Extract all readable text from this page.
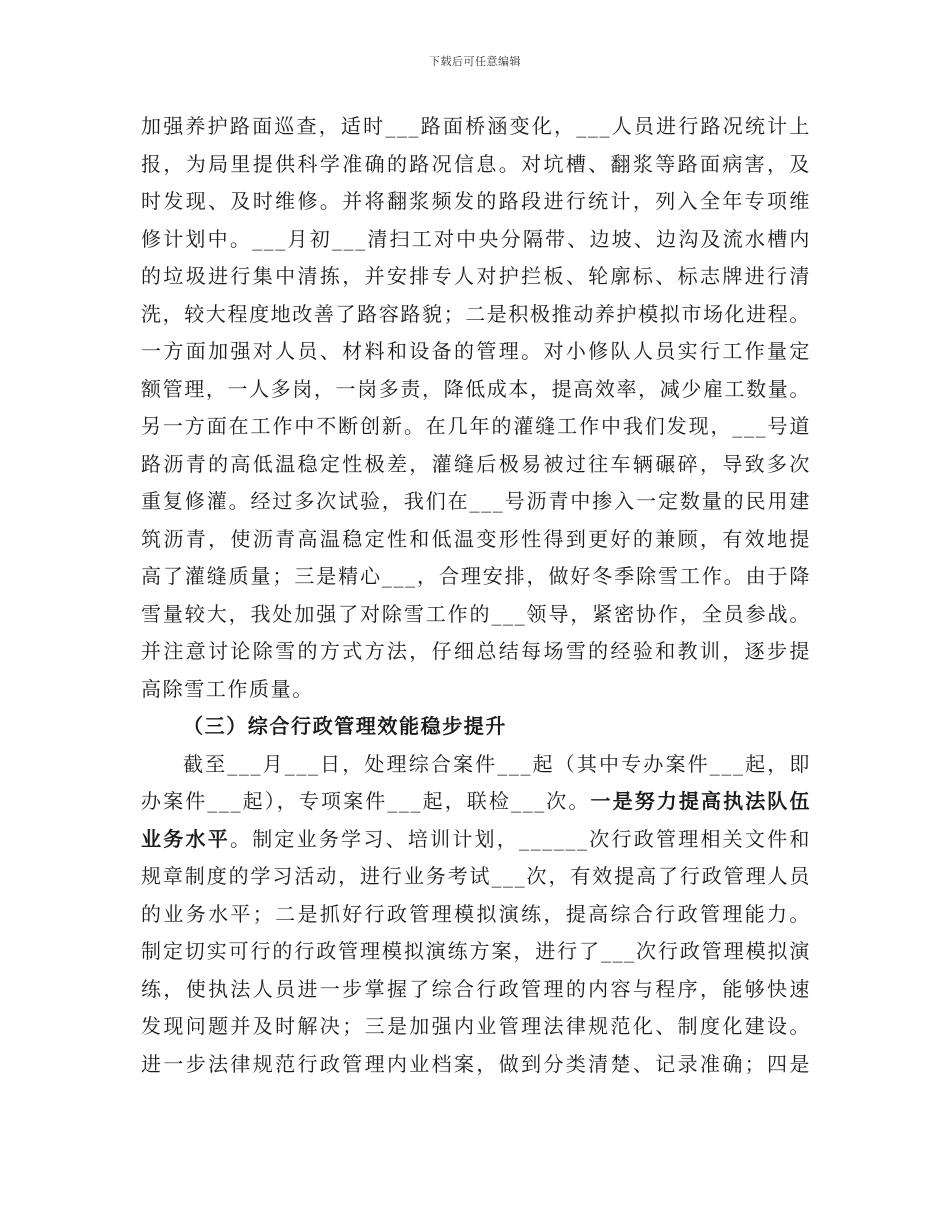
下载后可任意编辑
加强养护路面巡查，适时___路面桥涵变化，___人员进行路况统计上
报，为局里提供科学准确的路况信息。对坑槽、翻浆等路面病害，及
时发现、及时维修。并将翻浆频发的路段进行统计，列入全年专项维
修计划中。___月初___清扫工对中央分隔带、边坡、边沟及流水槽内
的垃圾进行集中清拣，并安排专人对护拦板、轮廓标、标志牌进行清
洗，较大程度地改善了路容路貌；二是积极推动养护模拟市场化进程。
一方面加强对人员、材料和设备的管理。对小修队人员实行工作量定
额管理，一人多岗，一岗多责，降低成本，提高效率，减少雇工数量。
另一方面在工作中不断创新。在几年的灌缝工作中我们发现，___号道
路沥青的高低温稳定性极差，灌缝后极易被过往车辆碾碎，导致多次
重复修灌。经过多次试验，我们在___号沥青中掺入一定数量的民用建
筑沥青，使沥青高温稳定性和低温变形性得到更好的兼顾，有效地提
高了灌缝质量；三是精心___，合理安排，做好冬季除雪工作。由于降
雪量较大，我处加强了对除雪工作的___领导，紧密协作，全员参战。
并注意讨论除雪的方式方法，仔细总结每场雪的经验和教训，逐步提
高除雪工作质量。
（三）综合行政管理效能稳步提升
截至___月___日，处理综合案件___起（其中专办案件___起，即
办案件___起），专项案件___起，联检___次。一是努力提高执法队伍
业务水平。制定业务学习、培训计划，______次行政管理相关文件和
规章制度的学习活动，进行业务考试___次，有效提高了行政管理人员
的业务水平；二是抓好行政管理模拟演练，提高综合行政管理能力。
制定切实可行的行政管理模拟演练方案，进行了___次行政管理模拟演
练，使执法人员进一步掌握了综合行政管理的内容与程序，能够快速
发现问题并及时解决；三是加强内业管理法律规范化、制度化建设。
进一步法律规范行政管理内业档案，做到分类清楚、记录准确；四是
